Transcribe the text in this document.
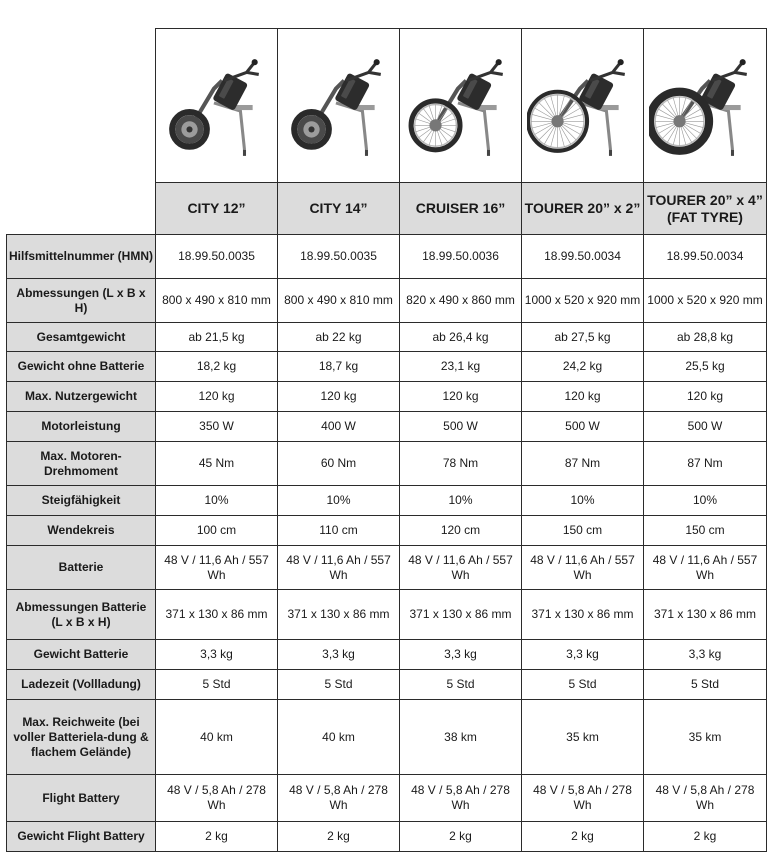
	CITY 12”	CITY 14”	CRUISER 16”	TOURER 20” x 2”	TOURER 20” x 4” (FAT TYRE)
Hilfsmittelnummer (HMN)	18.99.50.0035	18.99.50.0035	18.99.50.0036	18.99.50.0034	18.99.50.0034
Abmessungen (L x B x H)	800 x 490 x 810 mm	800 x 490 x 810 mm	820 x 490 x 860 mm	1000 x 520 x 920 mm	1000 x 520 x 920 mm
Gesamtgewicht	ab 21,5 kg	ab 22 kg	ab 26,4 kg	ab 27,5 kg	ab 28,8 kg
Gewicht ohne Batterie	18,2 kg	18,7 kg	23,1 kg	24,2 kg	25,5 kg
Max. Nutzergewicht	120 kg	120 kg	120 kg	120 kg	120 kg
Motorleistung	350 W	400 W	500 W	500 W	500 W
Max. Motoren-Drehmoment	45 Nm	60 Nm	78 Nm	87 Nm	87 Nm
Steigfähigkeit	10%	10%	10%	10%	10%
Wendekreis	100 cm	110 cm	120 cm	150 cm	150 cm
Batterie	48 V / 11,6 Ah / 557 Wh	48 V / 11,6 Ah / 557 Wh	48 V / 11,6 Ah / 557 Wh	48 V / 11,6 Ah / 557 Wh	48 V / 11,6 Ah / 557 Wh
Abmessungen Batterie (L x B x H)	371 x 130 x 86 mm	371 x 130 x 86 mm	371 x 130 x 86 mm	371 x 130 x 86 mm	371 x 130 x 86 mm
Gewicht Batterie	3,3 kg	3,3 kg	3,3 kg	3,3 kg	3,3 kg
Ladezeit (Vollladung)	5 Std	5 Std	5 Std	5 Std	5 Std
Max. Reichweite (bei voller Batteriela-dung & flachem Gelände)	40 km	40 km	38 km	35 km	35 km
Flight Battery	48 V / 5,8 Ah / 278 Wh	48 V / 5,8 Ah / 278 Wh	48 V / 5,8 Ah / 278 Wh	48 V / 5,8 Ah / 278 Wh	48 V / 5,8 Ah / 278 Wh
Gewicht Flight Battery	2 kg	2 kg	2 kg	2 kg	2 kg
